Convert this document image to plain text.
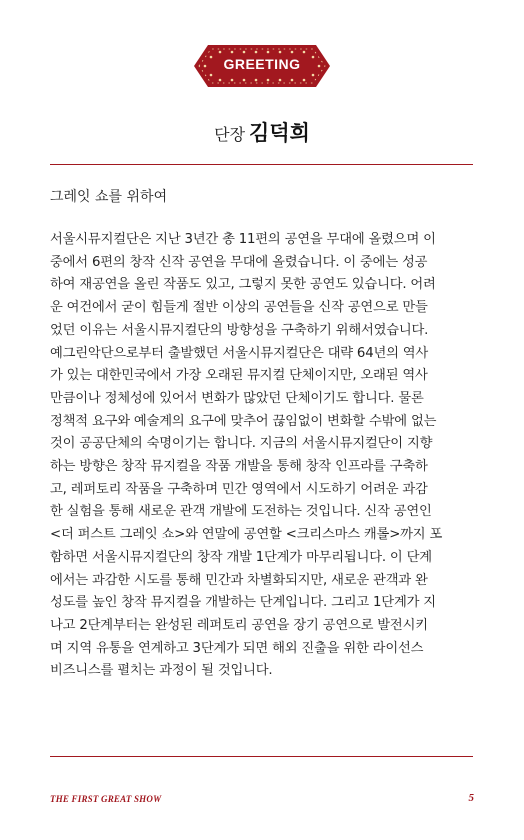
GREETING
단장 김덕희
그레잇 쇼를 위하여
서울시뮤지컬단은 지난 3년간 총 11편의 공연을 무대에 올렸으며 이
중에서 6편의 창작 신작 공연을 무대에 올렸습니다. 이 중에는 성공
하여 재공연을 올린 작품도 있고, 그렇지 못한 공연도 있습니다. 어려
운 여건에서 굳이 힘들게 절반 이상의 공연들을 신작 공연으로 만들
었던 이유는 서울시뮤지컬단의 방향성을 구축하기 위해서였습니다.
예그린악단으로부터 출발했던 서울시뮤지컬단은 대략 64년의 역사
가 있는 대한민국에서 가장 오래된 뮤지컬 단체이지만, 오래된 역사
만큼이나 정체성에 있어서 변화가 많았던 단체이기도 합니다. 물론
정책적 요구와 예술계의 요구에 맞추어 끊임없이 변화할 수밖에 없는
것이 공공단체의 숙명이기는 합니다. 지금의 서울시뮤지컬단이 지향
하는 방향은 창작 뮤지컬을 작품 개발을 통해 창작 인프라를 구축하
고, 레퍼토리 작품을 구축하며 민간 영역에서 시도하기 어려운 과감
한 실험을 통해 새로운 관객 개발에 도전하는 것입니다. 신작 공연인
<더 퍼스트 그레잇 쇼>와 연말에 공연할 <크리스마스 캐롤>까지 포
함하면 서울시뮤지컬단의 창작 개발 1단계가 마무리됩니다. 이 단계
에서는 과감한 시도를 통해 민간과 차별화되지만, 새로운 관객과 완
성도를 높인 창작 뮤지컬을 개발하는 단계입니다. 그리고 1단계가 지
나고 2단계부터는 완성된 레퍼토리 공연을 장기 공연으로 발전시키
며 지역 유통을 연계하고 3단계가 되면 해외 진출을 위한 라이선스
비즈니스를 펼치는 과정이 될 것입니다.
THE FIRST GREAT SHOW	5
